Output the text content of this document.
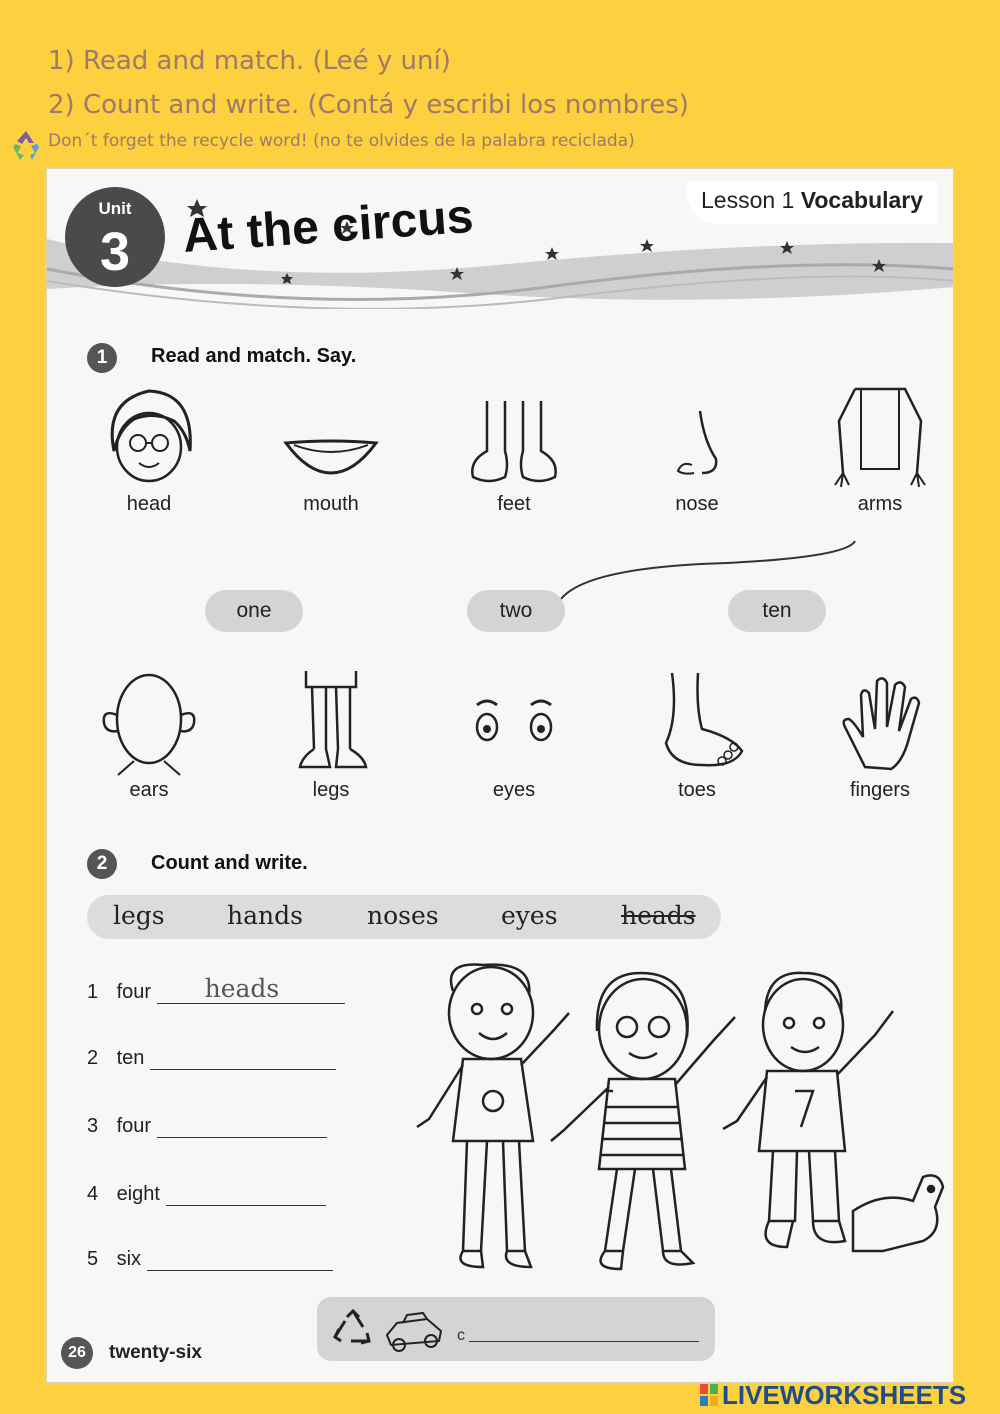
1) Read and match. (Leé y uní)
2) Count and write. (Contá y escribi los nombres)
Don´t forget the recycle word! (no te olvides de la palabra reciclada)
Unit
3	At the circus	Lesson 1 Vocabulary
1	Read and match. Say.
head	mouth	feet	nose	arms
one	two	ten
ears	legs	eyes	toes	fingers
2	Count and write.
legs hands	noses eyes	heads
1 four heads
2 ten
3 four
4 eight
5 six
c
26	twenty-six
LIVEWORKSHEETS
